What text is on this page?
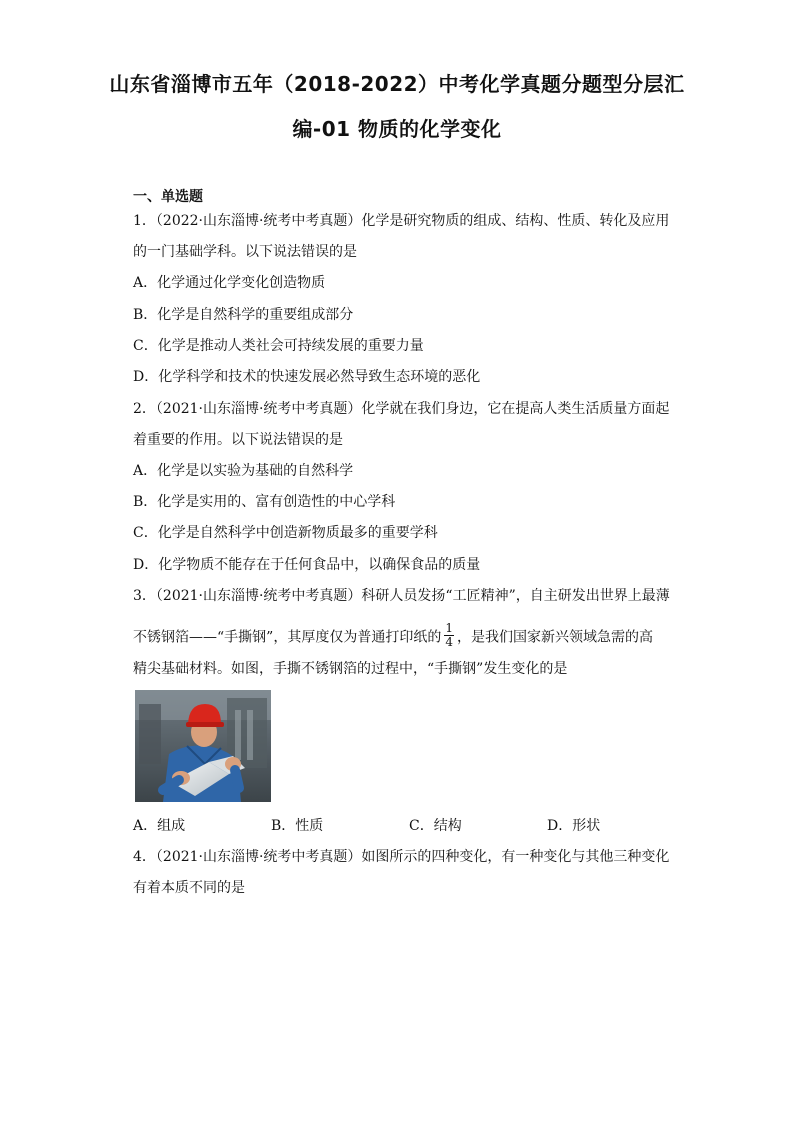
山东省淄博市五年（2018-2022）中考化学真题分题型分层汇
编-01 物质的化学变化
一、单选题
1．（2022·山东淄博·统考中考真题）化学是研究物质的组成、结构、性质、转化及应用
的一门基础学科。以下说法错误的是
A．化学通过化学变化创造物质
B．化学是自然科学的重要组成部分
C．化学是推动人类社会可持续发展的重要力量
D．化学科学和技术的快速发展必然导致生态环境的恶化
2．（2021·山东淄博·统考中考真题）化学就在我们身边，它在提高人类生活质量方面起
着重要的作用。以下说法错误的是
A．化学是以实验为基础的自然科学
B．化学是实用的、富有创造性的中心学科
C．化学是自然科学中创造新物质最多的重要学科
D．化学物质不能存在于任何食品中，以确保食品的质量
3．（2021·山东淄博·统考中考真题）科研人员发扬“工匠精神”，自主研发出世界上最薄
不锈钢箔——“手撕钢”，其厚度仅为普通打印纸的 $\frac{1}{4}$ ，是我们国家新兴领域急需的高
精尖基础材料。如图，手撕不锈钢箔的过程中，“手撕钢”发生变化的是
A．组成	B．性质	C．结构	D．形状
4．（2021·山东淄博·统考中考真题）如图所示的四种变化，有一种变化与其他三种变化
有着本质不同的是
